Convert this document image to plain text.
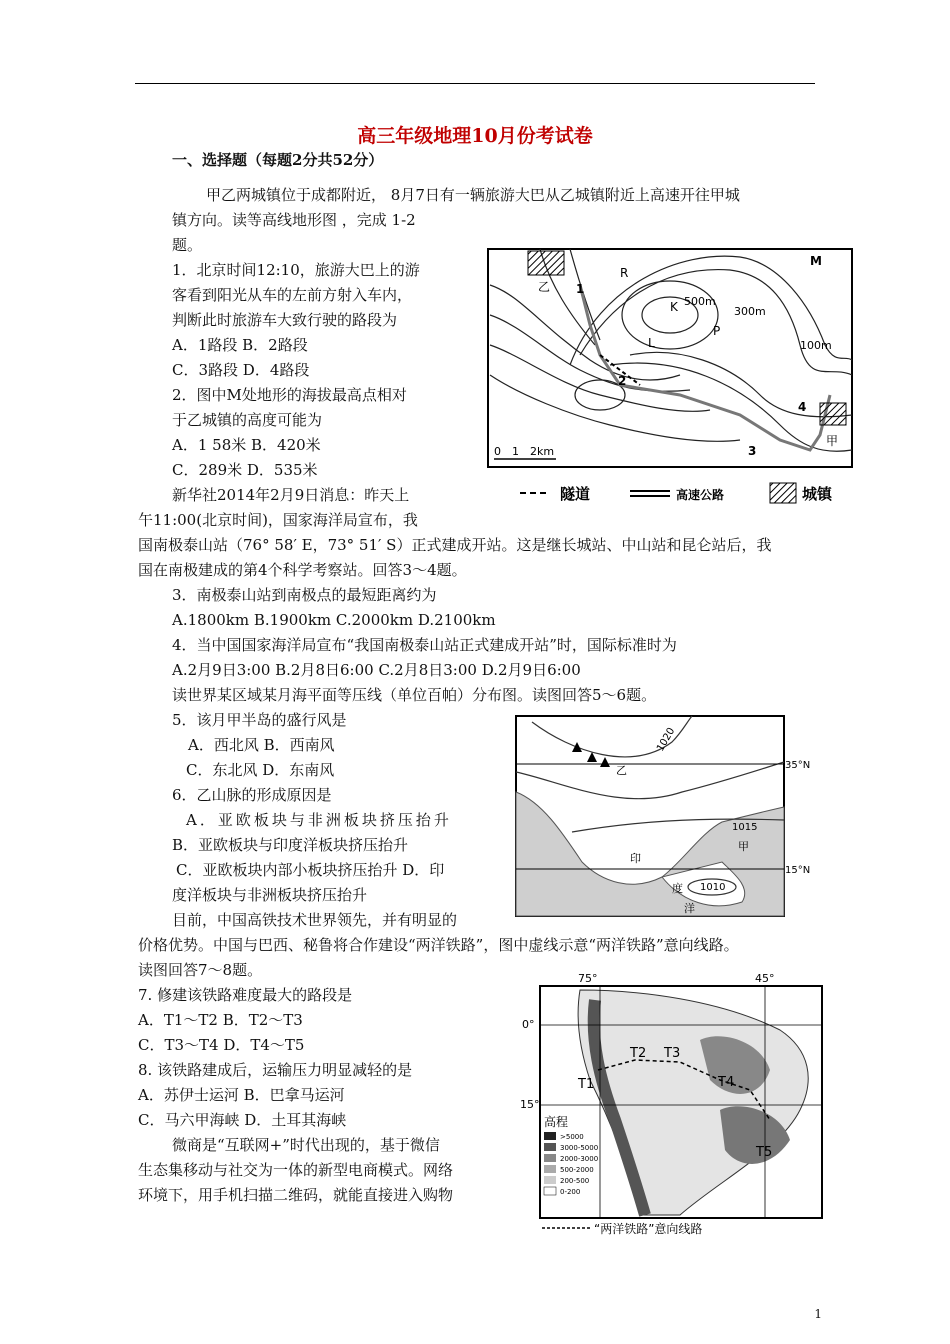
高三年级地理10月份考试卷
一、选择题（每题2分共52分）
甲乙两城镇位于成都附近， 8月7日有一辆旅游大巴从乙城镇附近上高速开往甲城
镇方向。读等高线地形图 ，完成 1-2
题。
1．北京时间12:10，旅游大巴上的游
客看到阳光从车的左前方射入车内，
判断此时旅游车大致行驶的路段为
A．1路段 B．2路段
C．3路段 D．4路段
2．图中M处地形的海拔最高点相对
于乙城镇的高度可能为
A．1 58米 B．420米
C．289米 D．535米
新华社2014年2月9日消息：昨天上
午11:00(北京时间)，国家海洋局宣布，我
国南极泰山站（76° 58′ E，73° 51′ S）正式建成开站。这是继长城站、中山站和昆仑站后，我
国在南极建成的第4个科学考察站。回答3～4题。
3．南极泰山站到南极点的最短距离约为
A.1800km B.1900km C.2000km D.2100km
4．当中国国家海洋局宣布“我国南极泰山站正式建成开站”时，国际标准时为
A.2月9日3:00 B.2月8日6:00 C.2月8日3:00 D.2月9日6:00
读世界某区域某月海平面等压线（单位百帕）分布图。读图回答5～6题。
5．该月甲半岛的盛行风是
A．西北风 B．西南风
C．东北风 D．东南风
6．乙山脉的形成原因是
A．亚欧板块与非洲板块挤压抬升
B．亚欧板块与印度洋板块挤压抬升
C．亚欧板块内部小板块挤压抬升 D．印
度洋板块与非洲板块挤压抬升
目前，中国高铁技术世界领先，并有明显的
价格优势。中国与巴西、秘鲁将合作建设“两洋铁路”，图中虚线示意“两洋铁路”意向线路。
读图回答7～8题。
7. 修建该铁路难度最大的路段是
A．T1～T2 B．T2～T3
C．T3～T4 D．T4～T5
8. 该铁路建成后，运输压力明显减轻的是
A．苏伊士运河 B．巴拿马运河
C．马六甲海峡 D．土耳其海峡
微商是“互联网+”时代出现的，基于微信
生态集移动与社交为一体的新型电商模式。网络
环境下，用手机扫描二维码，就能直接进入购物
R
K
P
L
M
乙
甲
1
2
3
4
500m
300m
100m
0 1 2km
隧道	高速公路	城镇
1020
35°N
1015
甲
乙
印
度
洋
1010
15°N
75°	45°
0°
15°
T1
T2 T3
T4
T5
高程
>5000
3000-5000
2000-3000
500-2000
200-500
0-200
“两洋铁路”意向线路
1
